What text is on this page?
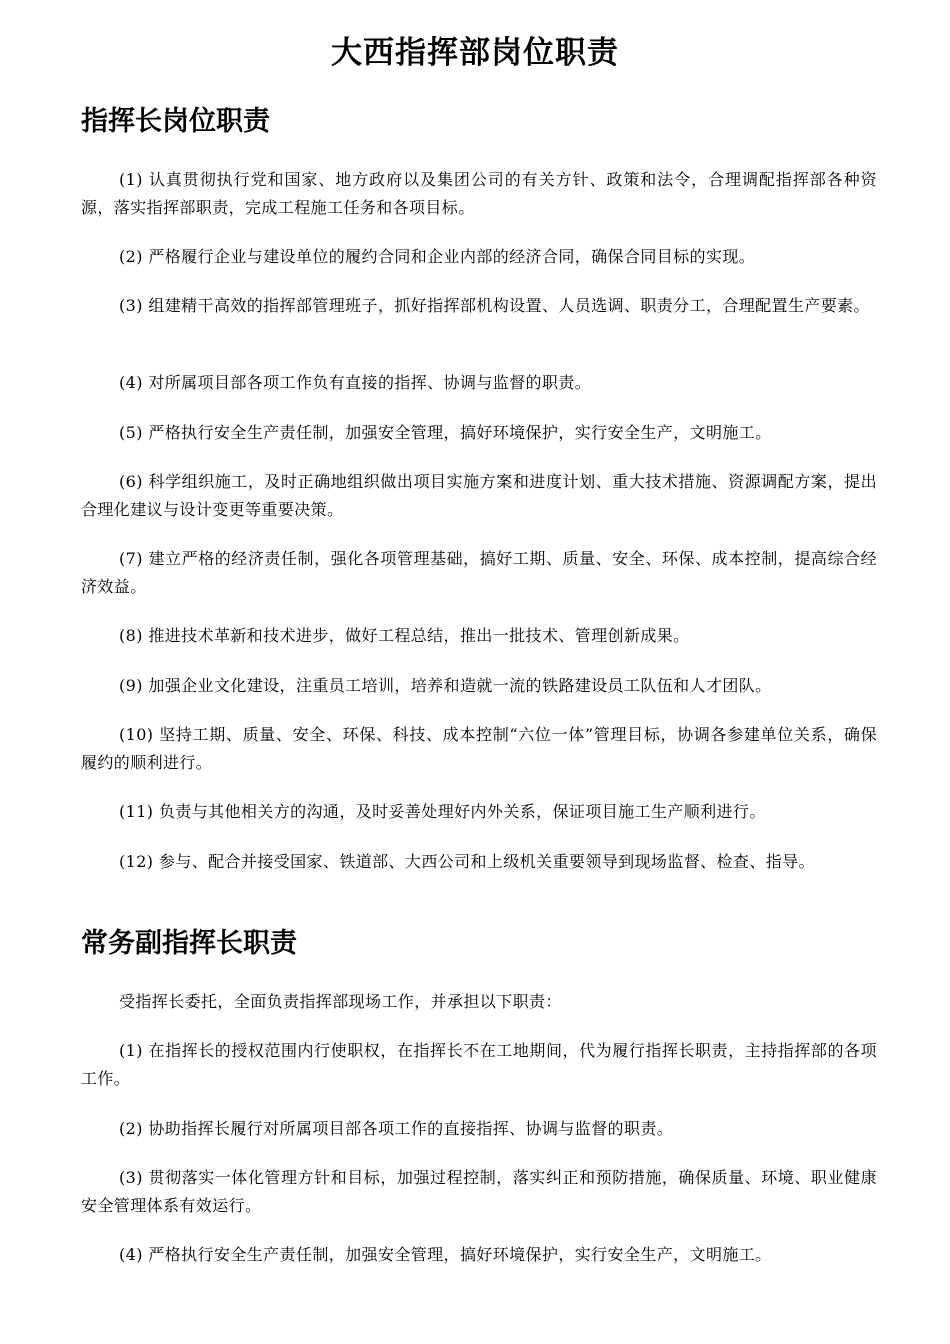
大西指挥部岗位职责
指挥长岗位职责

(1) 认真贯彻执行党和国家、地方政府以及集团公司的有关方针、政策和法令，合理调配指挥部各种资源，落实指挥部职责，完成工程施工任务和各项目标。

(2) 严格履行企业与建设单位的履约合同和企业内部的经济合同，确保合同目标的实现。

(3) 组建精干高效的指挥部管理班子，抓好指挥部机构设置、人员选调、职责分工，合理配置生产要素。

(4) 对所属项目部各项工作负有直接的指挥、协调与监督的职责。

(5) 严格执行安全生产责任制，加强安全管理，搞好环境保护，实行安全生产，文明施工。

(6) 科学组织施工，及时正确地组织做出项目实施方案和进度计划、重大技术措施、资源调配方案，提出合理化建议与设计变更等重要决策。

(7) 建立严格的经济责任制，强化各项管理基础，搞好工期、质量、安全、环保、成本控制，提高综合经济效益。

(8) 推进技术革新和技术进步，做好工程总结，推出一批技术、管理创新成果。

(9) 加强企业文化建设，注重员工培训，培养和造就一流的铁路建设员工队伍和人才团队。

(10) 坚持工期、质量、安全、环保、科技、成本控制“六位一体”管理目标，协调各参建单位关系，确保履约的顺利进行。

(11) 负责与其他相关方的沟通，及时妥善处理好内外关系，保证项目施工生产顺利进行。

(12) 参与、配合并接受国家、铁道部、大西公司和上级机关重要领导到现场监督、检查、指导。

常务副指挥长职责

受指挥长委托，全面负责指挥部现场工作，并承担以下职责：

(1) 在指挥长的授权范围内行使职权，在指挥长不在工地期间，代为履行指挥长职责，主持指挥部的各项工作。

(2) 协助指挥长履行对所属项目部各项工作的直接指挥、协调与监督的职责。

(3) 贯彻落实一体化管理方针和目标，加强过程控制，落实纠正和预防措施，确保质量、环境、职业健康安全管理体系有效运行。

(4) 严格执行安全生产责任制，加强安全管理，搞好环境保护，实行安全生产，文明施工。
